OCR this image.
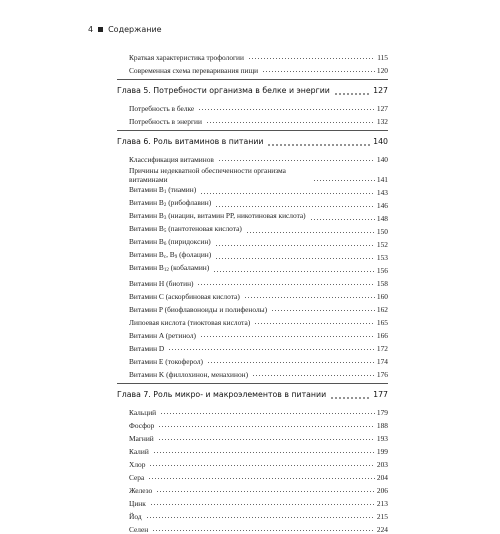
4 Содержание
Краткая характеристика трофологии	115
Современная схема переваривания пищи	120
Глава 5. Потребности организма в белке и энергии	127
Потребность в белке	127
Потребность в энергии	132
Глава 6. Роль витаминов в питании	140
Классификация витаминов	140
Причины недекватной обеспеченности организма витаминами	141
Витамин $B_1$ (тиамин)	143
Витамин $B_2$ (рибофлавин)	146
Витамин $B_3$ (ниацин, витамин PP, никотиновая кислота)	148
Витамин $B_5$ (пантотеновая кислота)	150
Витамин $B_6$ (пиридоксин)	152
Витамин $B_c$, $B_9$ (фолацин)	153
Витамин $B_{12}$ (кобаламин)	156
Витамин H (биотин)	158
Витамин C (аскорбиновая кислота)	160
Витамин P (биофлавоноиды и полифенолы)	162
Липоевая кислота (тиоктовая кислота)	165
Витамин A (ретинол)	166
Витамин D	172
Витамин E (токоферол)	174
Витамин K (филлохинон, менахинон)	176
Глава 7. Роль микро- и макроэлементов в питании	177
Кальций	179
Фосфор	188
Магний	193
Калий	199
Хлор	203
Сера	204
Железо	206
Цинк	213
Йод	215
Селен	224
